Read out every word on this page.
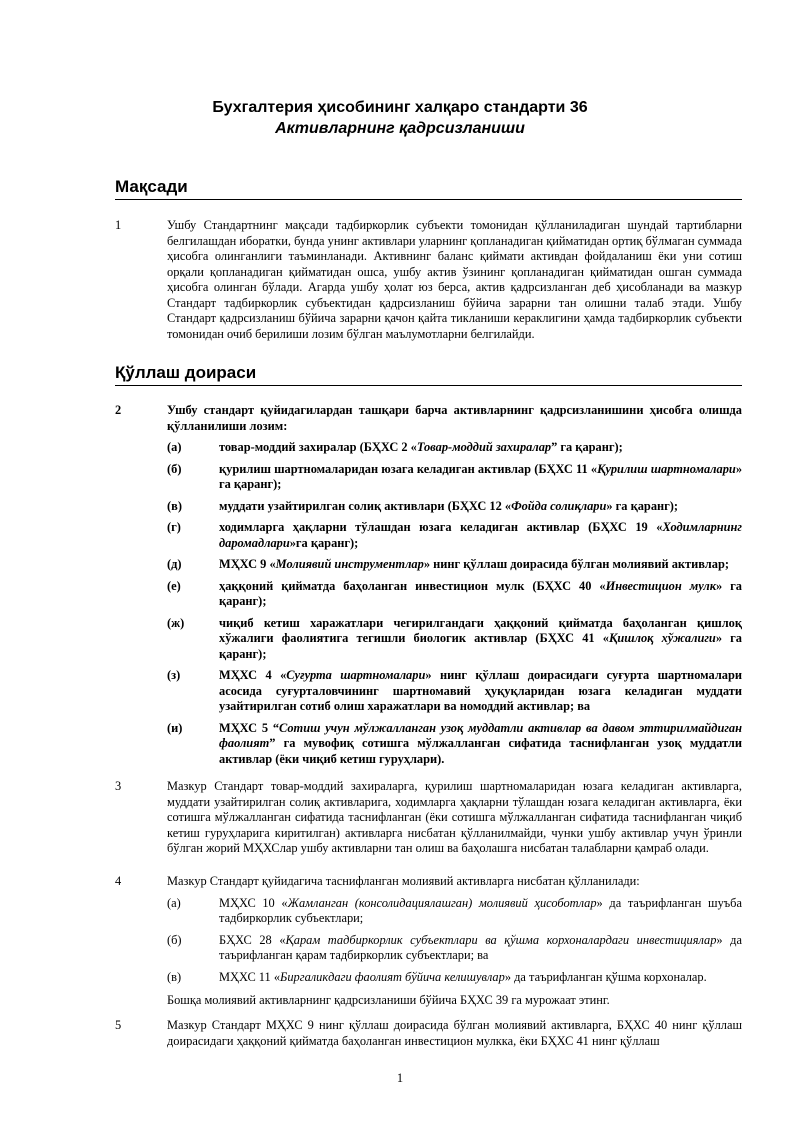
Бухгалтерия ҳисобининг халқаро стандарти 36
Активларнинг қадрсизланиши
Мақсади
1	Ушбу Стандартнинг мақсади тадбиркорлик субъекти томонидан қўлланиладиган шундай тартибларни белгилашдан иборатки, бунда унинг активлари уларнинг қопланадиган қийматидан ортиқ бўлмаган суммада ҳисобга олинганлиги таъминланади. Активнинг баланс қиймати активдан фойдаланиш ёки уни сотиш орқали қопланадиган қийматидан ошса, ушбу актив ўзининг қопланадиган қийматидан ошган суммада ҳисобга олинган бўлади. Агарда ушбу ҳолат юз берса, актив қадрсизланган деб ҳисобланади ва мазкур Стандарт тадбиркорлик субъектидан қадрсизланиш бўйича зарарни тан олишни талаб этади. Ушбу Стандарт қадрсизланиш бўйича зарарни қачон қайта тикланиши кераклигини ҳамда тадбиркорлик субъекти томонидан очиб берилиши лозим бўлган маълумотларни белгилайди.
Қўллаш доираси
2	Ушбу стандарт қуйидагилардан ташқари барча активларнинг қадрсизланишини ҳисобга олишда қўлланилиши лозим:
(а)	товар-моддий захиралар (БҲХС 2 «Товар-моддий захиралар” га қаранг);
(б)	қурилиш шартномаларидан юзага келадиган активлар (БҲХС 11 «Қурилиш шартномалари» га қаранг);
(в)	муддати узайтирилган солиқ активлари (БҲХС 12 «Фойда солиқлари» га қаранг);
(г)	ходимларга ҳақларни тўлашдан юзага келадиган активлар (БҲХС 19 «Ходимларнинг даромадлари»га қаранг);
(д)	МҲХС 9 «Молиявий инструментлар» нинг қўллаш доирасида бўлган молиявий активлар;
(е)	ҳаққоний қийматда баҳоланган инвестицион мулк (БҲХС 40 «Инвестицион мулк» га қаранг);
(ж)	чиқиб кетиш харажатлари чегирилгандаги ҳаққоний қийматда баҳоланган қишлоқ хўжалиги фаолиятига тегишли биологик активлар (БҲХС 41 «Қишлоқ хўжалиги» га қаранг);
(з)	МҲХС 4 «Суғурта шартномалари» нинг қўллаш доирасидаги суғурта шартномалари асосида суғурталовчининг шартномавий ҳуқуқларидан юзага келадиган муддати узайтирилган сотиб олиш харажатлари ва номоддий активлар; ва
(и)	МҲХС 5 “Сотиш учун мўлжалланган узоқ муддатли активлар ва давом эттирилмайдиган фаолият” га мувофиқ сотишга мўлжалланган сифатида таснифланган узоқ муддатли активлар (ёки чиқиб кетиш гуруҳлари).
3	Мазкур Стандарт товар-моддий захираларга, қурилиш шартномаларидан юзага келадиган активларга, муддати узайтирилган солиқ активларига, ходимларга ҳақларни тўлашдан юзага келадиган активларга, ёки сотишга мўлжалланган сифатида таснифланган (ёки сотишга мўлжалланган сифатида таснифланган чиқиб кетиш гуруҳларига киритилган) активларга нисбатан қўлланилмайди, чунки ушбу активлар учун ўринли бўлган жорий МҲХСлар ушбу активларни тан олиш ва баҳолашга нисбатан талабларни қамраб олади.
4	Мазкур Стандарт қуйидагича таснифланган молиявий активларга нисбатан қўлланилади:
(а)	МҲХС 10 «Жамланган (консолидациялашган) молиявий ҳисоботлар» да таърифланган шуъба тадбиркорлик субъектлари;
(б)	БҲХС 28 «Қарам тадбиркорлик субъектлари ва қўшма корхоналардаги инвестициялар» да таърифланган қарам тадбиркорлик субъектлари; ва
(в)	МҲХС 11 «Биргаликдаги фаолият бўйича келишувлар» да таърифланган қўшма корхоналар.
Бошқа молиявий активларнинг қадрсизланиши бўйича БҲХС 39 га мурожаат этинг.
5	Мазкур Стандарт МҲХС 9 нинг қўллаш доирасида бўлган молиявий активларга, БҲХС 40 нинг қўллаш доирасидаги ҳаққоний қийматда баҳоланган инвестицион мулкка, ёки БҲХС 41 нинг қўллаш
1
